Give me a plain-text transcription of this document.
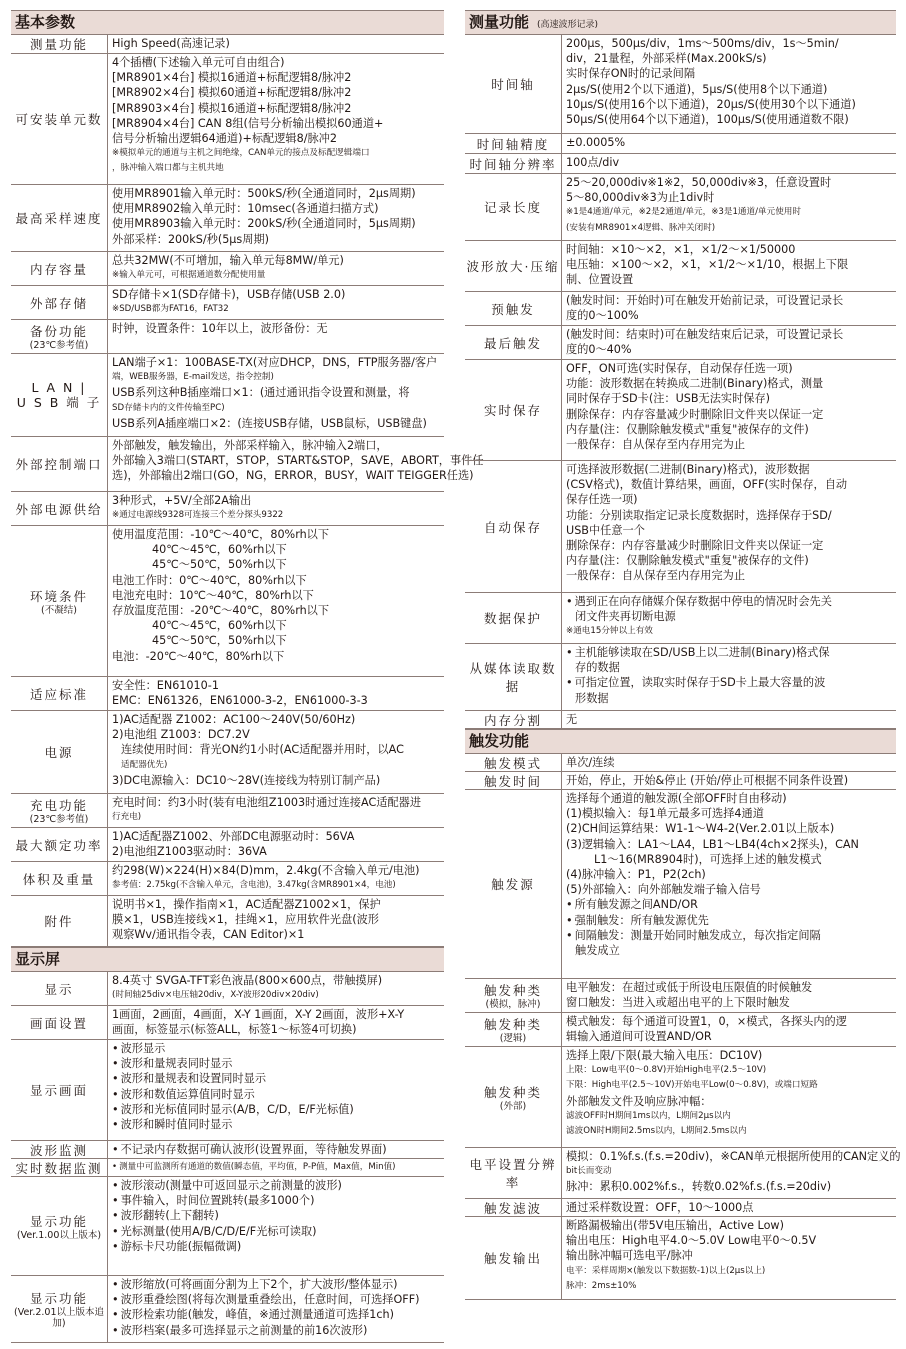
基本参数
测量功能 High Speed(高速记录)
可安装单元数
4个插槽(下述输入单元可自由组合)
[MR8901×4台] 模拟16通道+标配逻辑8/脉冲2
[MR8902×4台] 模拟60通道+标配逻辑8/脉冲2
[MR8903×4台] 模拟16通道+标配逻辑8/脉冲2
[MR8904×4台] CAN 8组(信号分析输出模拟60通道+
信号分析输出逻辑64通道)+标配逻辑8/脉冲2
※模拟单元的通道与主机之间绝缘，CAN单元的接点及标配逻辑端口
，脉冲输入端口都与主机共地
最高采样速度
使用MR8901输入单元时：500kS/秒(全通道同时，2μs周期)
使用MR8902输入单元时：10msec(各通道扫描方式)
使用MR8903输入单元时：200kS/秒(全通道同时，5μs周期)
外部采样：200kS/秒(5μs周期)
内存容量
总共32MW(不可增加，输入单元每8MW/单元)
※输入单元可，可根据通道数分配使用量
外部存储
SD存储卡×1(SD存储卡)，USB存储(USB 2.0)
※SD/USB都为FAT16，FAT32
备份功能
(23℃参考值)
时钟，设置条件：10年以上，波形备份：无
L A N |
U S B 端 子
LAN端子×1：100BASE-TX(对应DHCP，DNS，FTP服务器/客户
端，WEB服务器，E-mail发送，指令控制)
USB系列这种B插座端口×1：(通过通讯指令设置和测量，将
SD存储卡内的文件传输至PC)
USB系列A插座端口×2：(连接USB存储，USB鼠标，USB键盘)
外部控制端口
外部触发，触发输出，外部采样输入，脉冲输入2端口，
外部输入3端口(START，STOP，START&STOP，SAVE，ABORT，事件任
选)，外部输出2端口(GO，NG，ERROR，BUSY，WAIT TEIGGER任选)
外部电源供给
3种形式，+5V/全部2A输出
※通过电源线9328可连接三个差分探头9322
环境条件
(不凝结)
使用温度范围：-10℃～40℃，80%rh以下
40℃～45℃，60%rh以下
45℃～50℃，50%rh以下
电池工作时：0℃～40℃，80%rh以下
电池充电时：10℃～40℃，80%rh以下
存放温度范围：-20℃～40℃，80%rh以下
40℃～45℃，60%rh以下
45℃～50℃，50%rh以下
电池：-20℃～40℃，80%rh以下
适应标准
安全性：EN61010-1
EMC：EN61326，EN61000-3-2，EN61000-3-3
电源
1)AC适配器 Z1002：AC100～240V(50/60Hz)
2)电池组 Z1003：DC7.2V
连续使用时间：背光ON约1小时(AC适配器并用时，以AC
适配器优先)
3)DC电源输入：DC10～28V(连接线为特别订制产品)
充电功能
(23℃参考值)
充电时间：约3小时(装有电池组Z1003时通过连接AC适配器进
行充电)
最大额定功率
1)AC适配器Z1002、外部DC电源驱动时：56VA
2)电池组Z1003驱动时：36VA
体积及重量
约298(W)×224(H)×84(D)mm，2.4kg(不含输入单元/电池)
参考值：2.75kg(不含输入单元，含电池)，3.47kg(含MR8901×4，电池)
附件
说明书×1，操作指南×1，AC适配器Z1002×1，保护
膜×1，USB连接线×1，挂绳×1，应用软件光盘(波形
观察Wv/通讯指令表，CAN Editor)×1
显示屏
显示
8.4英寸 SVGA-TFT彩色液晶(800×600点，带触摸屏)
(时间轴25div×电压轴20div，X-Y波形20div×20div)
画面设置
1画面，2画面，4画面，X-Y 1画面，X-Y 2画面，波形+X-Y
画面，标签显示(标签ALL，标签1～标签4可切换)
显示画面
• 波形显示
• 波形和量规表同时显示
• 波形和量规表和设置同时显示
• 波形和数值运算值同时显示
• 波形和光标值同时显示(A/B，C/D，E/F光标值)
• 波形和瞬时值同时显示
波形监测	• 不记录内存数据可确认波形(设置界面，等待触发界面)
实时数据监测	• 测量中可监测所有通道的数值(瞬态值，平均值，P-P值，Max值，Min值)
显示功能
(Ver.1.00以上版本)
• 波形滚动(测量中可返回显示之前测量的波形)
• 事件输入，时间位置跳转(最多1000个)
• 波形翻转(上下翻转)
• 光标测量(使用A/B/C/D/E/F光标可读取)
• 游标卡尺功能(振幅微调)
显示功能
(Ver.2.01以上版本追加)
• 波形缩放(可将画面分割为上下2个，扩大波形/整体显示)
• 波形重叠绘图(将每次测量重叠绘出，任意时间，可选择OFF)
• 波形检索功能(触发，峰值，※通过测量通道可选择1ch)
• 波形档案(最多可选择显示之前测量的前16次波形)
测量功能 (高速波形记录)
时间轴
200μs，500μs/div，1ms～500ms/div，1s～5min/
div，21量程，外部采样(Max.200kS/s)
实时保存ON时的记录间隔
2μs/S(使用2个以下通道)，5μs/S(使用8个以下通道)
10μs/S(使用16个以下通道)，20μs/S(使用30个以下通道)
50μs/S(使用64个以下通道)，100μs/S(使用通道数不限)
时间轴精度 ±0.0005%
时间轴分辨率 100点/div
记录长度
25～20,000div※1※2，50,000div※3，任意设置时
5～80,000div※3为止1div时
※1是4通道/单元，※2是2通道/单元，※3是1通道/单元使用时
(安装有MR8901×4逻辑、脉冲关闭时)
波形放大·压缩
时间轴：×10～×2，×1，×1/2～×1/50000
电压轴：×100～×2，×1，×1/2～×1/10，根据上下限
制、位置设置
预触发
(触发时间：开始时)可在触发开始前记录，可设置记录长
度的0～100%
最后触发
(触发时间：结束时)可在触发结束后记录，可设置记录长
度的0～40%
实时保存
OFF，ON可选(实时保存，自动保存任选一项)
功能：波形数据在转换成二进制(Binary)格式，测量
同时保存于SD卡(注：USB无法实时保存)
删除保存：内存容量减少时删除旧文件夹以保证一定
内存量(注：仅删除触发模式"重复"被保存的文件)
一般保存：自从保存至内存用完为止
自动保存
可选择波形数据(二进制(Binary)格式)，波形数据
(CSV格式)，数值计算结果，画面，OFF(实时保存，自动
保存任选一项)
功能：分别读取指定记录长度数据时，选择保存于SD/
USB中任意一个
删除保存：内存容量减少时删除旧文件夹以保证一定
内存量(注：仅删除触发模式"重复"被保存的文件)
一般保存：自从保存至内存用完为止
数据保护
• 遇到正在向存储媒介保存数据中停电的情况时会先关
闭文件夹再切断电源
※通电15分钟以上有效
从媒体读取数据
• 主机能够读取在SD/USB上以二进制(Binary)格式保
存的数据
• 可指定位置，读取实时保存于SD卡上最大容量的波
形数据
内存分割 无
触发功能
触发模式 单次/连续
触发时间 开始，停止，开始&停止 (开始/停止可根据不同条件设置)
触发源
选择每个通道的触发源(全部OFF时自由移动)
(1)模拟输入：每1单元最多可选择4通道
(2)CH间运算结果：W1-1～W4-2(Ver.2.01以上版本)
(3)逻辑输入：LA1～LA4，LB1～LB4(4ch×2探头)，CAN
L1～16(MR8904时)，可选择上述的触发模式
(4)脉冲输入：P1，P2(2ch)
(5)外部输入：向外部触发端子输入信号
• 所有触发源之间AND/OR
• 强制触发：所有触发源优先
• 间隔触发：测量开始同时触发成立，每次指定间隔
触发成立
触发种类
(模拟，脉冲)
电平触发：在超过或低于所设电压限值的时候触发
窗口触发：当进入或超出电平的上下限时触发
触发种类
(逻辑)
模式触发：每个通道可设置1，0，×模式，各探头内的逻
辑输入通道间可设置AND/OR
触发种类
(外部)
选择上限/下限(最大输入电压：DC10V)
上限：Low电平(0～0.8V)开始High电平(2.5～10V)
下限：High电平(2.5～10V)开始电平Low(0～0.8V)，或端口短路
外部触发文件及响应脉冲幅：
滤波OFF时H期间1ms以内，L期间2μs以内
滤波ON时H期间2.5ms以内，L期间2.5ms以内
电平设置分辨率
模拟：0.1%f.s.(f.s.=20div)，※CAN单元根据所使用的CAN定义的
bit长而变动
脉冲：累积0.002%f.s.，转数0.02%f.s.(f.s.=20div)
触发滤波 通过采样数设置：OFF，10～1000点
触发输出
断路漏极输出(带5V电压输出，Active Low)
输出电压：High电平4.0～5.0V Low电平0～0.5V
输出脉冲幅可选电平/脉冲
电平：采样周期×(触发以下数据数-1)以上(2μs以上)
脉冲：2ms±10%
